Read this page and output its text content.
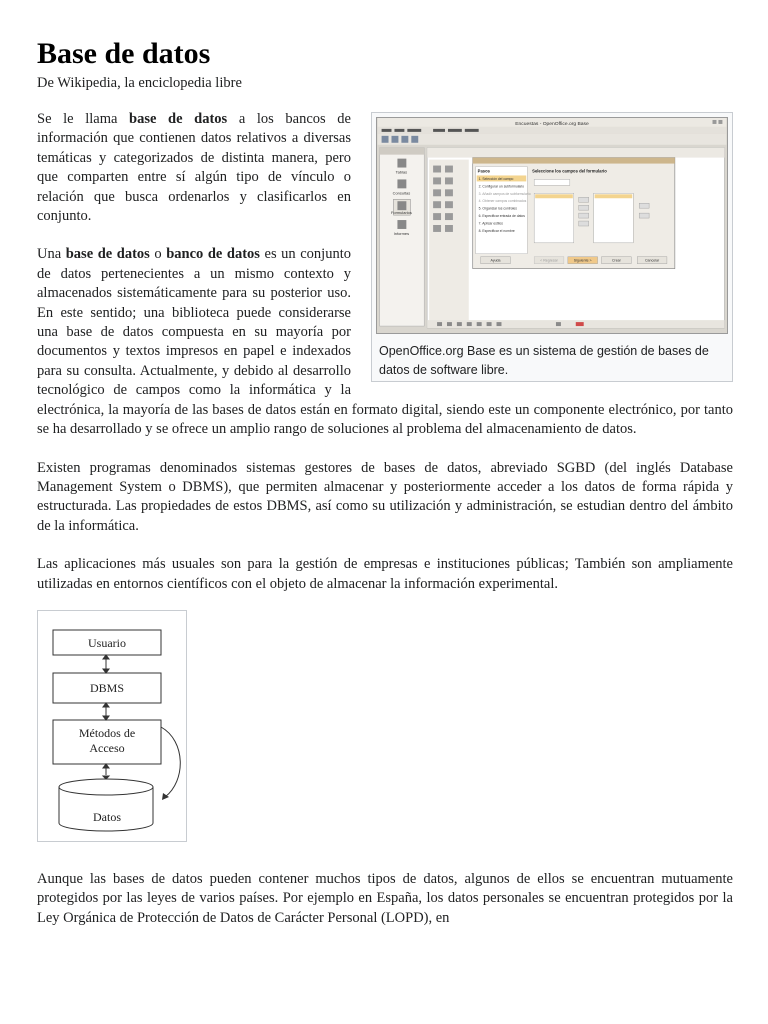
Base de datos
De Wikipedia, la enciclopedia libre
Encuestas - OpenOffice.org Base
Tablas
Consultas
Formularios
Informes
Pasos
1. Selección del campo
2. Configurar un subformulario
3. Añadir campos de subformulario
4. Obtener campos combinados
5. Organizar los controles
6. Especificar entrada de datos
7. Aplicar estilos
8. Especificar el nombre
Seleccione los campos del formulario
Ayuda	< Regresar	Siguiente >	Crear	Cancelar
OpenOffice.org Base es un sistema de gestión de bases de datos de software libre.

Se le llama base de datos a los bancos de información que contienen datos relativos a diversas temáticas y categorizados de distinta manera, pero que comparten entre sí algún tipo de vínculo o relación que busca ordenarlos y clasificarlos en conjunto.

Una base de datos o banco de datos es un conjunto de datos pertenecientes a un mismo contexto y almacenados sistemáticamente para su posterior uso. En este sentido; una biblioteca puede considerarse una base de datos compuesta en su mayoría por documentos y textos impresos en papel e indexados para su consulta. Actualmente, y debido al desarrollo tecnológico de campos como la informática y la electrónica, la mayoría de las bases de datos están en formato digital, siendo este un componente electrónico, por tanto se ha desarrollado y se ofrece un amplio rango de soluciones al problema del almacenamiento de datos.

Existen programas denominados sistemas gestores de bases de datos, abreviado SGBD (del inglés Database Management System o DBMS), que permiten almacenar y posteriormente acceder a los datos de forma rápida y estructurada. Las propiedades de estos DBMS, así como su utilización y administración, se estudian dentro del ámbito de la informática.

Las aplicaciones más usuales son para la gestión de empresas e instituciones públicas; También son ampliamente utilizadas en entornos científicos con el objeto de almacenar la información experimental.

Usuario
DBMS
Datos
Métodos de Acceso

Aunque las bases de datos pueden contener muchos tipos de datos, algunos de ellos se encuentran mutuamente protegidos por las leyes de varios países. Por ejemplo en España, los datos personales se encuentran protegidos por la Ley Orgánica de Protección de Datos de Carácter Personal (LOPD), en
